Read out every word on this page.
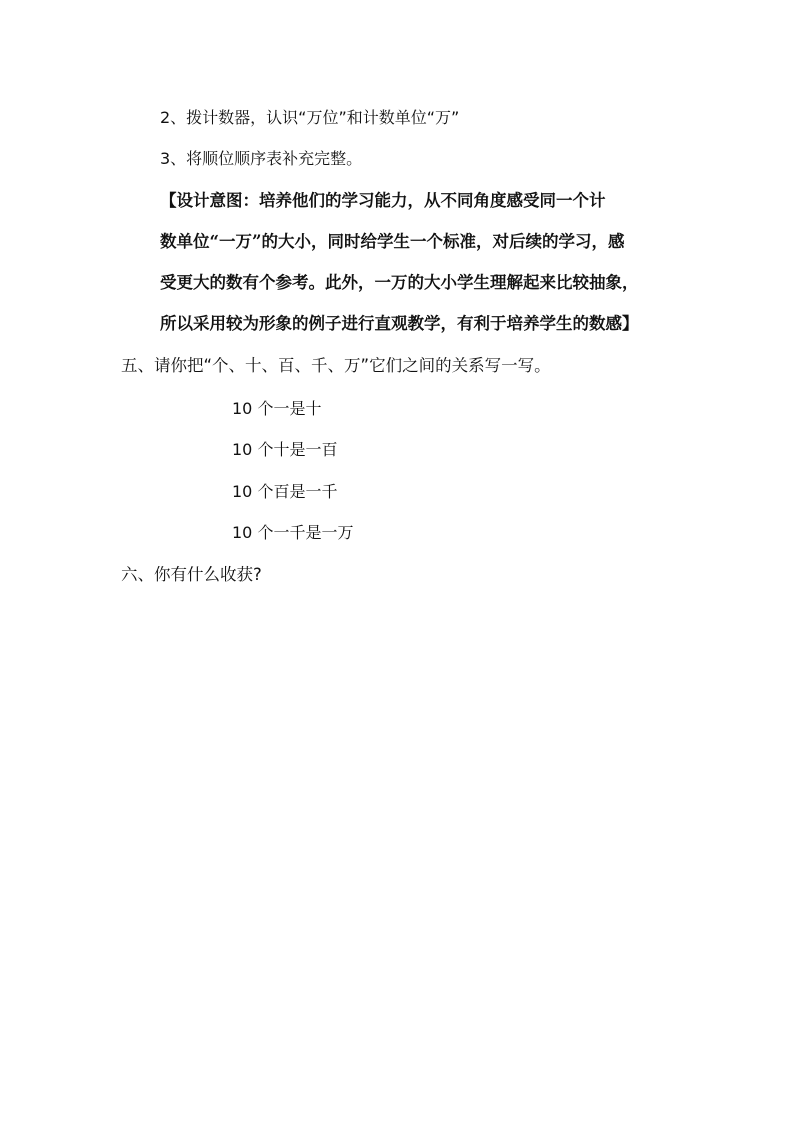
2、拨计数器，认识“万位”和计数单位“万”
3、将顺位顺序表补充完整。
【设计意图：培养他们的学习能力，从不同角度感受同一个计
数单位“一万”的大小，同时给学生一个标准，对后续的学习，感
受更大的数有个参考。此外，一万的大小学生理解起来比较抽象，
所以采用较为形象的例子进行直观教学，有利于培养学生的数感】
五、请你把“个、十、百、千、万”它们之间的关系写一写。
10 个一是十
10 个十是一百
10 个百是一千
10 个一千是一万
六、你有什么收获?
